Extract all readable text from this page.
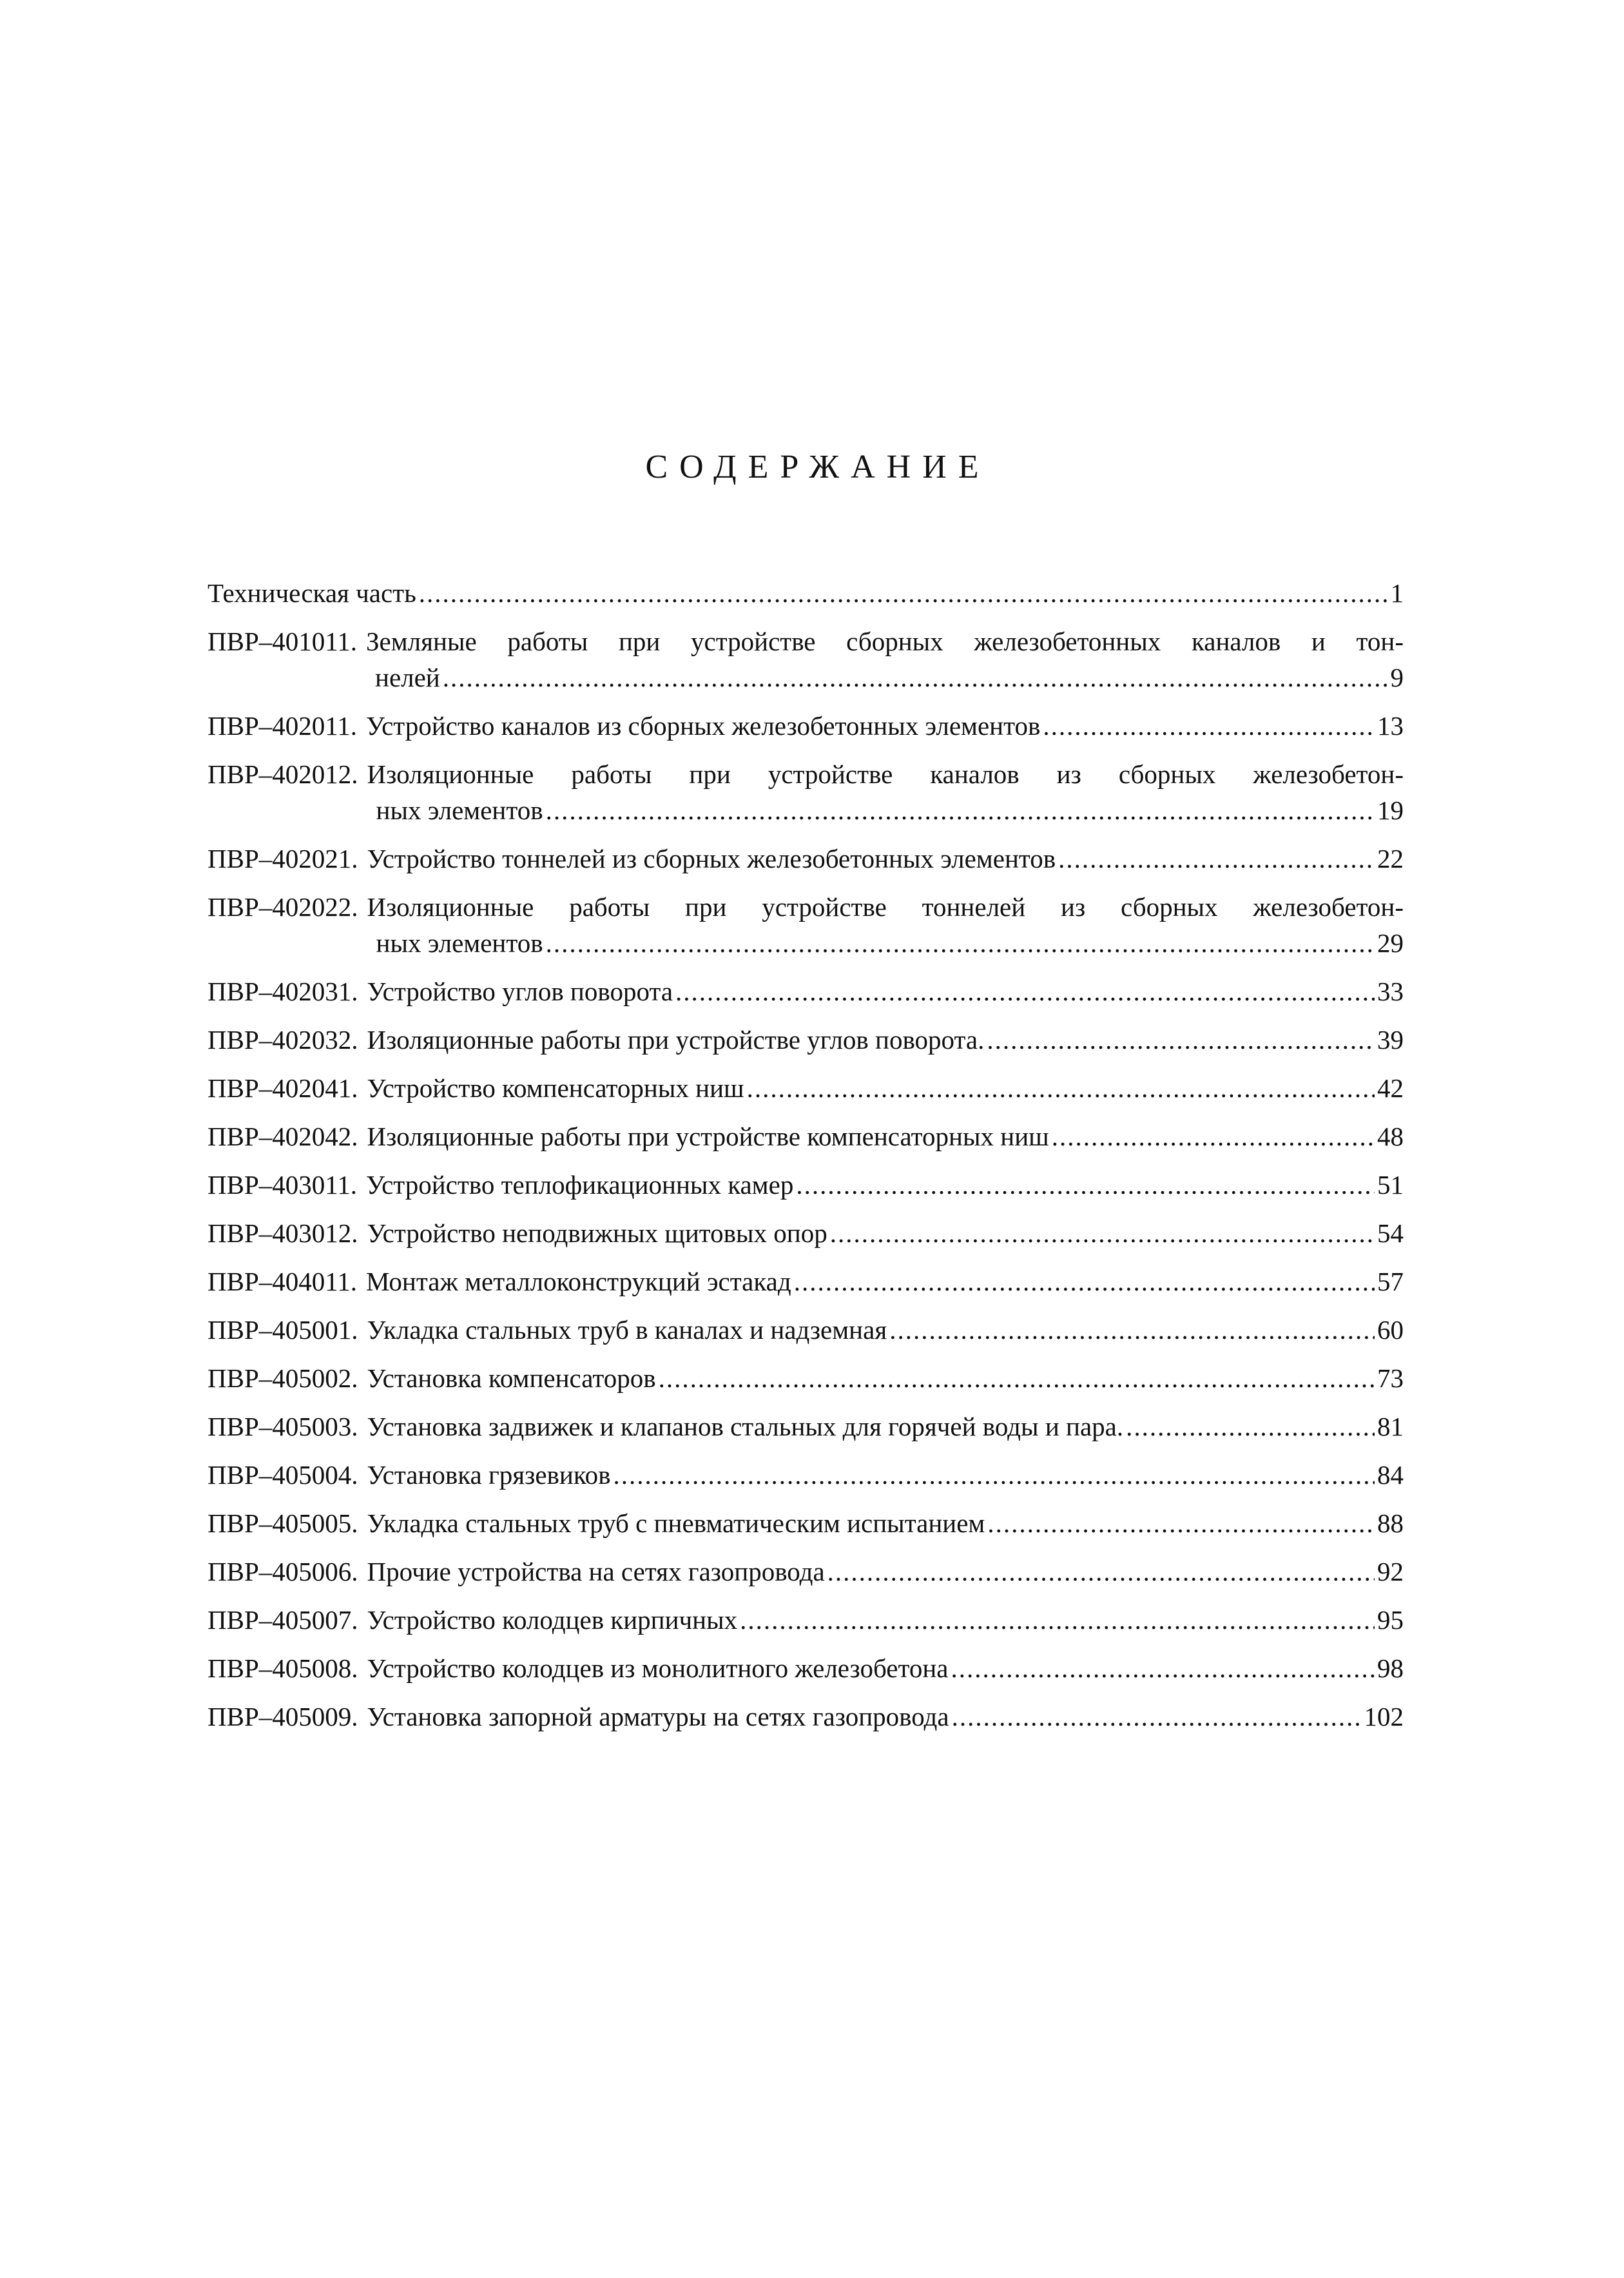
СОДЕРЖАНИЕ
Техническая часть .....	1
ПВР–401011. Земляные работы при устройстве сборных железобетонных каналов и тон-
нелей .....	9
ПВР–402011. Устройство каналов из сборных железобетонных элементов .....	13
ПВР–402012. Изоляционные работы при устройстве каналов из сборных железобетон-
ных элементов .....	19
ПВР–402021. Устройство тоннелей из сборных железобетонных элементов .....	22
ПВР–402022. Изоляционные работы при устройстве тоннелей из сборных железобетон-
ных элементов .....	29
ПВР–402031. Устройство углов поворота .....	33
ПВР–402032. Изоляционные работы при устройстве углов поворота. .....	39
ПВР–402041. Устройство компенсаторных ниш .....	42
ПВР–402042. Изоляционные работы при устройстве компенсаторных ниш .....	48
ПВР–403011. Устройство теплофикационных камер .....	51
ПВР–403012. Устройство неподвижных щитовых опор .....	54
ПВР–404011. Монтаж металлоконструкций эстакад .....	57
ПВР–405001. Укладка стальных труб в каналах и надземная .....	60
ПВР–405002. Установка компенсаторов .....	73
ПВР–405003. Установка задвижек и клапанов стальных для горячей воды и пара. .....	81
ПВР–405004. Установка грязевиков .....	84
ПВР–405005. Укладка стальных труб с пневматическим испытанием .....	88
ПВР–405006. Прочие устройства на сетях газопровода .....	92
ПВР–405007. Устройство колодцев кирпичных .....	95
ПВР–405008. Устройство колодцев из монолитного железобетона .....	98
ПВР–405009. Установка запорной арматуры на сетях газопровода .....	102
